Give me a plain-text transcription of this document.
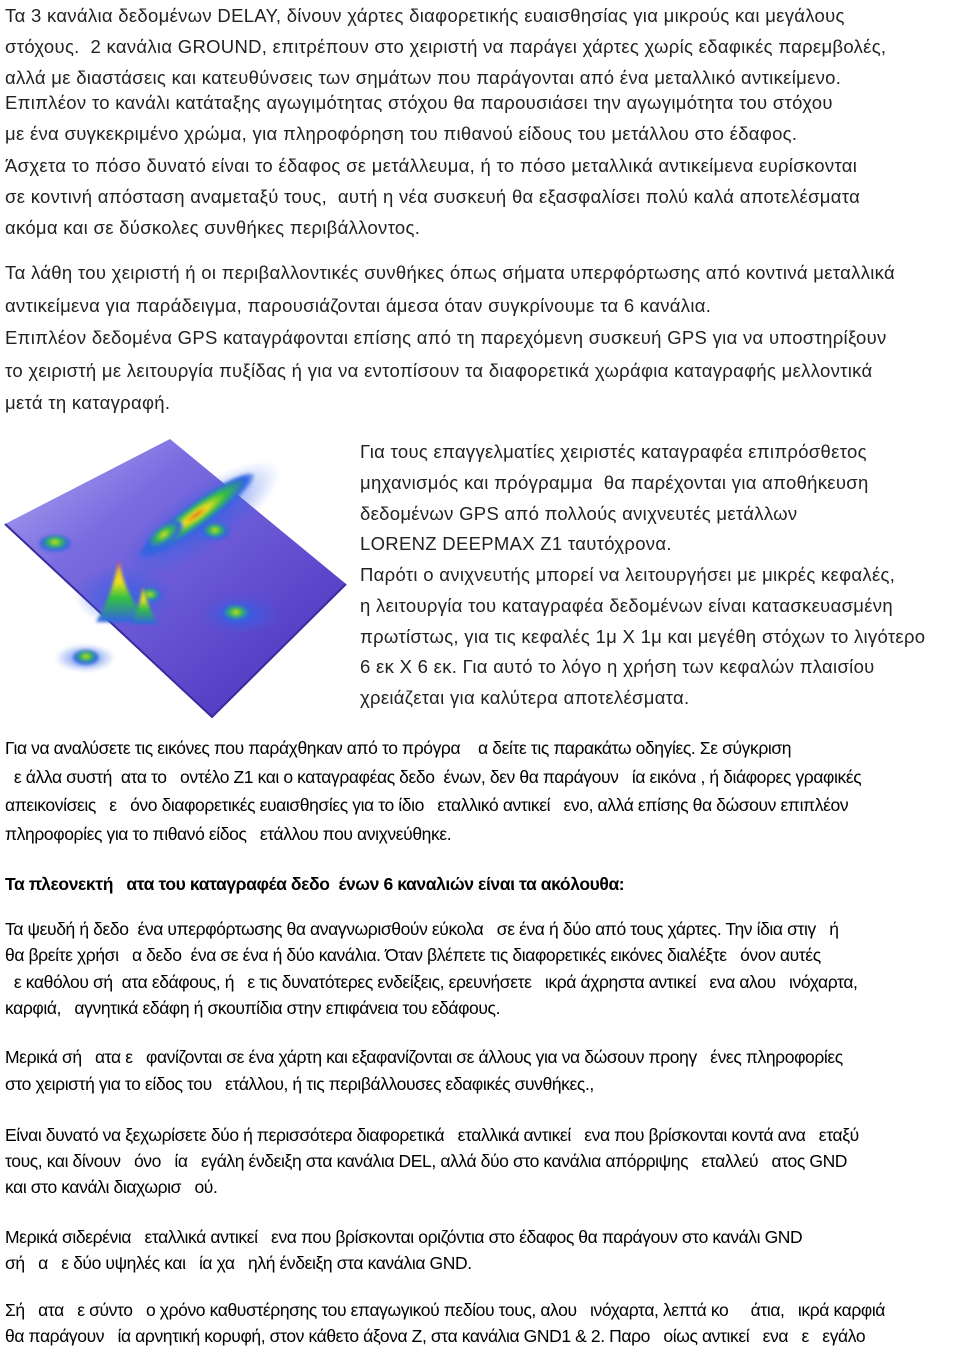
Τα 3 κανάλια δεδομένων DELAY, δίνουν χάρτες διαφορετικής ευαισθησίας για μικρούς και μεγάλους
στόχους.  2 κανάλια GROUND, επιτρέπουν στο χειριστή να παράγει χάρτες χωρίς εδαφικές παρεμβολές,
αλλά με διαστάσεις και κατευθύνσεις των σημάτων που παράγονται από ένα μεταλλικό αντικείμενο.
Επιπλέον το κανάλι κατάταξης αγωγιμότητας στόχου θα παρουσιάσει την αγωγιμότητα του στόχου
με ένα συγκεκριμένο χρώμα, για πληροφόρηση του πιθανού είδους του μετάλλου στο έδαφος.
Άσχετα το πόσο δυνατό είναι το έδαφος σε μετάλλευμα, ή το πόσο μεταλλικά αντικείμενα ευρίσκονται
σε κοντινή απόσταση αναμεταξύ τους,  αυτή η νέα συσκευή θα εξασφαλίσει πολύ καλά αποτελέσματα
ακόμα και σε δύσκολες συνθήκες περιβάλλοντος.
Τα λάθη του χειριστή ή οι περιβαλλοντικές συνθήκες όπως σήματα υπερφόρτωσης από κοντινά μεταλλικά
αντικείμενα για παράδειγμα, παρουσιάζονται άμεσα όταν συγκρίνουμε τα 6 κανάλια.
Επιπλέον δεδομένα GPS καταγράφονται επίσης από τη παρεχόμενη συσκευή GPS για να υποστηρίξουν
το χειριστή με λειτουργία πυξίδας ή για να εντοπίσουν τα διαφορετικά χωράφια καταγραφής μελλοντικά
μετά τη καταγραφή.
Για τους επαγγελματίες χειριστές καταγραφέα επιπρόσθετος
μηχανισμός και πρόγραμμα  θα παρέχονται για αποθήκευση
δεδομένων GPS από πολλούς ανιχνευτές μετάλλων
LORENZ DEEPMAX Z1 ταυτόχρονα.
Παρότι ο ανιχνευτής μπορεί να λειτουργήσει με μικρές κεφαλές,
η λειτουργία του καταγραφέα δεδομένων είναι κατασκευασμένη
πρωτίστως, για τις κεφαλές 1μ Χ 1μ και μεγέθη στόχων το λιγότερο
6 εκ Χ 6 εκ. Για αυτό το λόγο η χρήση των κεφαλών πλαισίου
χρειάζεται για καλύτερα αποτελέσματα.
Για να αναλύσετε τις εικόνες που παράχθηκαν από το πρόγρα    α δείτε τις παρακάτω οδηγίες. Σε σύγκριση
ε άλλα συστή  ατα το   οντέλο Z1 και ο καταγραφέας δεδο  ένων, δεν θα παράγουν   ία εικόνα , ή διάφορες γραφικές
απεικονίσεις   ε   όνο διαφορετικές ευαισθησίες για το ίδιο   εταλλικό αντικεί   ενο, αλλά επίσης θα δώσουν επιπλέον
πληροφορίες για το πιθανό είδος   ετάλλου που ανιχνεύθηκε.
Τα πλεονεκτή   ατα του καταγραφέα δεδο  ένων 6 καναλιών είναι τα ακόλουθα:
Τα ψευδή ή δεδο  ένα υπερφόρτωσης θα αναγνωρισθούν εύκολα   σε ένα ή δύο από τους χάρτες. Την ίδια στιγ   ή
θα βρείτε χρήσι   α δεδο  ένα σε ένα ή δύο κανάλια. Όταν βλέπετε τις διαφορετικές εικόνες διαλέξτε   όνον αυτές
ε καθόλου σή  ατα εδάφους, ή   ε τις δυνατότερες ενδείξεις, ερευνήσετε   ικρά άχρηστα αντικεί   ενα αλου   ινόχαρτα,
καρφιά,   αγνητικά εδάφη ή σκουπίδια στην επιφάνεια του εδάφους.
Μερικά σή   ατα ε   φανίζονται σε ένα χάρτη και εξαφανίζονται σε άλλους για να δώσουν προηγ   ένες πληροφορίες
στο χειριστή για το είδος του   ετάλλου, ή τις περιβάλλουσες εδαφικές συνθήκες.,
Είναι δυνατό να ξεχωρίσετε δύο ή περισσότερα διαφορετικά   εταλλικά αντικεί   ενα που βρίσκονται κοντά ανα   εταξύ
τους, και δίνουν   όνο   ία   εγάλη ένδειξη στα κανάλια DEL, αλλά δύο στο κανάλια απόρριψης   εταλλεύ   ατος GND
και στο κανάλι διαχωρισ   ού.
Μερικά σιδερένια   εταλλικά αντικεί   ενα που βρίσκονται οριζόντια στο έδαφος θα παράγουν στο κανάλι GND
σή   α   ε δύο υψηλές και   ία χα   ηλή ένδειξη στα κανάλια GND.
Σή   ατα   ε σύντο   ο χρόνο καθυστέρησης του επαγωγικού πεδίου τους, αλου   ινόχαρτα, λεπτά κο     άτια,   ικρά καρφιά
θα παράγουν   ία αρνητική κορυφή, στον κάθετο άξονα Z, στα κανάλια GND1 & 2. Παρο   οίως αντικεί   ενα   ε   εγάλο
